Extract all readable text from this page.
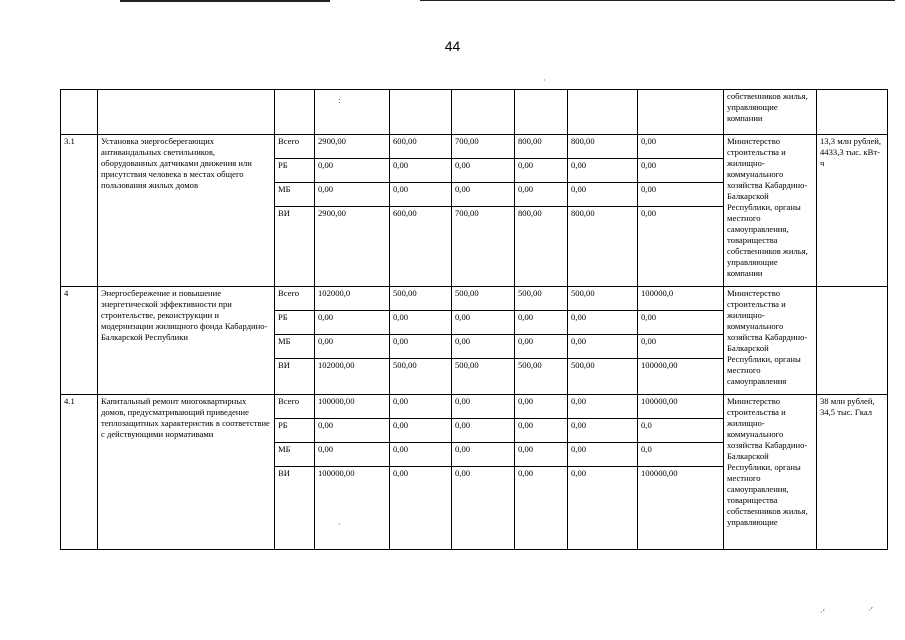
44
									собственников жилья, управляющие компании	
3.1	Установка энергосберегающих антивандальных светильников, оборудованных датчиками движения или присутствия человека в местах общего пользования жилых домов	Всего	2900,00	600,00	700,00	800,00	800,00	0,00	Министерство строительства и жилищно-коммунального хозяйства Кабардино-Балкарской Республики, органы местного самоуправления, товарищества собственников жилья, управляющие компании	13,3 млн рублей, 4433,3 тыс. кВт-ч
		РБ	0,00	0,00	0,00	0,00	0,00	0,00		
		МБ	0,00	0,00	0,00	0,00	0,00	0,00		
		ВИ	2900,00	600,00	700,00	800,00	800,00	0,00		
4	Энергосбережение и повышение энергетической эффективности при строительстве, реконструкции и модернизации жилищного фонда Кабардино-Балкарской Республики	Всего	102000,0	500,00	500,00	500,00	500,00	100000,0	Министерство строительства и жилищно-коммунального хозяйства Кабардино-Балкарской Республики, органы местного самоуправления	
		РБ	0,00	0,00	0,00	0,00	0,00	0,00		
		МБ	0,00	0,00	0,00	0,00	0,00	0,00		
		ВИ	102000,00	500,00	500,00	500,00	500,00	100000,00		
4.1	Капитальный ремонт многоквартирных домов, предусматривающий приведение теплозащитных характеристик в соответствие с действующими нормативами	Всего	100000,00	0,00	0,00	0,00	0,00	100000,00	Министерство строительства и жилищно-коммунального хозяйства Кабардино-Балкарской Республики, органы местного самоуправления, товарищества собственников жилья, управляющие	38 млн рублей, 34,5 тыс. Гкал
		РБ	0,00	0,00	0,00	0,00	0,00	0,0		
		МБ	0,00	0,00	0,00	0,00	0,00	0,0		
		ВИ	100000,00	0,00	0,00	0,00	0,00	100000,00		
:
·
·
·ʼ	·ʼ
